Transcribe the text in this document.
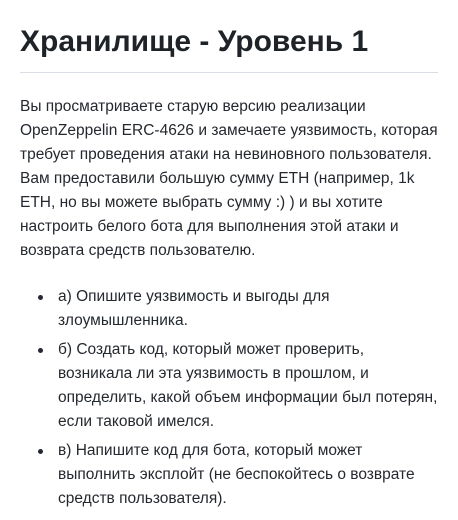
Хранилище - Уровень 1

Вы просматриваете старую версию реализации OpenZeppelin ERC-4626 и замечаете уязвимость, которая требует проведения атаки на невиновного пользователя. Вам предоставили большую сумму ETH (например, 1k ETH, но вы можете выбрать сумму :) ) и вы хотите настроить белого бота для выполнения этой атаки и возврата средств пользователю.

а) Опишите уязвимость и выгоды для злоумышленника.
б) Создать код, который может проверить, возникала ли эта уязвимость в прошлом, и определить, какой объем информации был потерян, если таковой имелся.
в) Напишите код для бота, который может выполнить эксплойт (не беспокойтесь о возврате средств пользователя).
